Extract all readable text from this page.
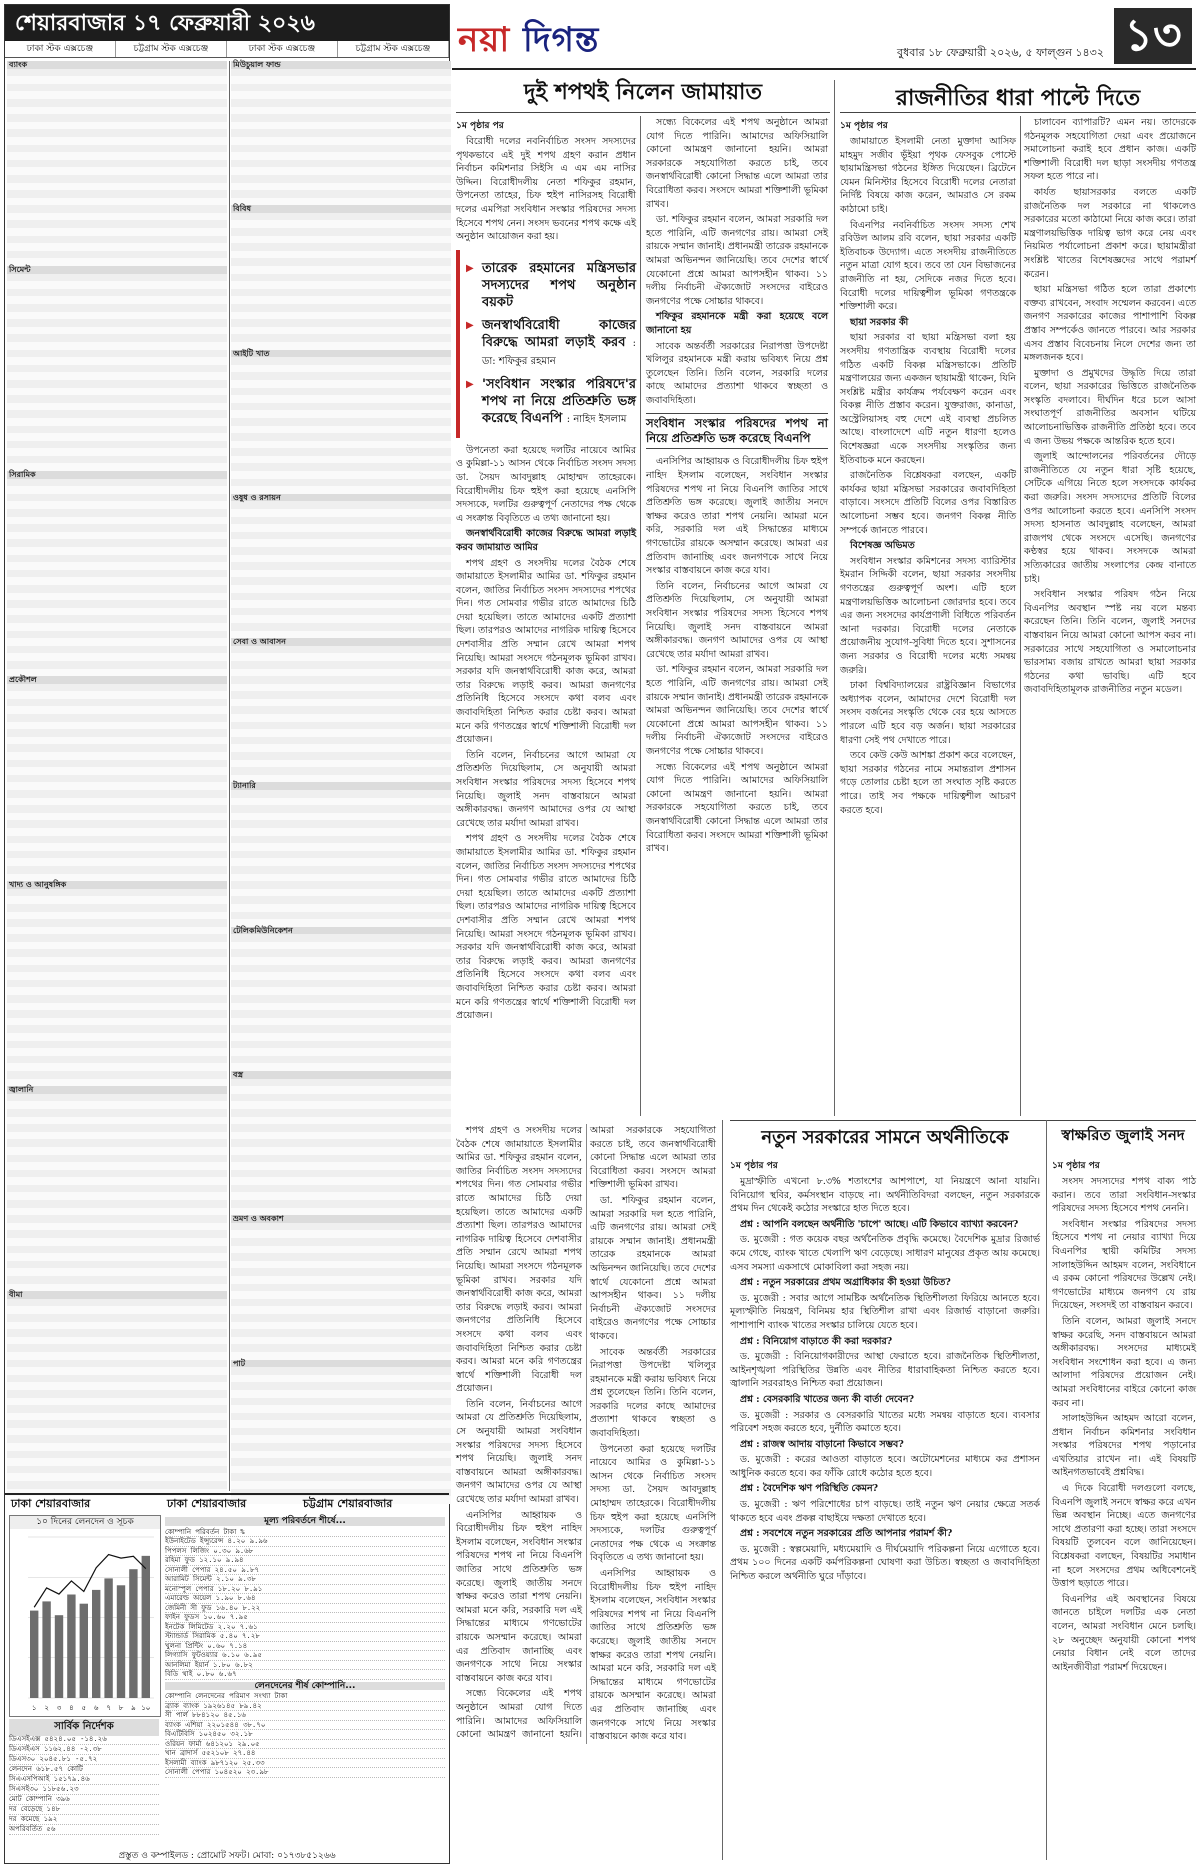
শেয়ারবাজার ১৭ ফেব্রুয়ারী ২০২৬
ঢাকা স্টক এক্সচেঞ্জ	চট্টগ্রাম স্টক এক্সচেঞ্জ	ঢাকা স্টক এক্সচেঞ্জ	চট্টগ্রাম স্টক এক্সচেঞ্জ
ব্যাংক

সিমেন্ট

সিরামিক

প্রকৌশল

খাদ্য ও আনুষঙ্গিক

জ্বালানি

বীমা

মিউচুয়াল ফান্ড

বিবিধ

আইটি খাত

ওষুধ ও রসায়ন

সেবা ও আবাসন

ট্যানারি

টেলিকমিউনিকেশন

বস্ত্র

ভ্রমণ ও অবকাশ

পাট

ঢাকা শেয়ারবাজার	ঢাকা শেয়ারবাজার	চট্টগ্রাম শেয়ারবাজার
১০ দিনের লেনদেন ও সূচক
১ ২ ৩ ৪ ৫ ৬ ৭ ৮ ৯ ১০
সার্বিক নির্দেশক
ডিএসইএক্স ৫৪২৪.০৫ -১৪.২৬
ডিএসইএস ১১৬২.৪৪ -২.৩৮
ডিএস৩০ ২০৪৫.৮১ -৫.৭২
লেনদেন ৬১৮.৫৭ কোটি
সিএএসপিআই ১৫১৭৯.৪৬
সিএসই৩০ ১১৮৫৬.২৩
মোট কোম্পানি ৩৯৬
দর বেড়েছে ১৪৮
দর কমেছে ১৯২
অপরিবর্তিত ৫৬
মূল্য পরিবর্তনে শীর্ষে...
কোম্পানি পরিবর্তন টাকা %
ইউনাইটেড ইন্স্যুরেন্স ৪.২০ ৯.৯৬
পিপলস লিজিং ০.৩০ ৯.৬৮
রহিমা ফুড ১২.১০ ৯.৯৪
সোনালী পেপার ২৪.৫০ ৯.৮৭
আরামিট সিমেন্ট ২.১০ ৯.৩৮
মনোস্পুল পেপার ১৮.২০ ৮.৯১
এমারেল্ড অয়েল ১.৯০ ৮.৬৪
জেমিনী সী ফুড ১৬.৪০ ৮.২২
ফাইন ফুডস ১০.৬০ ৭.৯৫
ইনটেক লিমিটেড ২.২০ ৭.৬১
স্ট্যান্ডার্ড সিরামিক ৫.৪০ ৭.২৮
খুলনা প্রিন্টিং ০.৬০ ৭.১৪
লিগ্যাসি ফুটওয়্যার ৬.১০ ৬.৯৫
আনলিমা ইয়ার্ন ১.৮০ ৬.৮২
বিডি থাই ০.৮০ ৬.৬৭
লেনদেনের শীর্ষ কোম্পানি...
কোম্পানি লেনদেনের পরিমাণ সংখ্যা টাকা
ব্র্যাক ব্যাংক ১৯২৬১৪৫ ৮৯.৪২
সী পার্ল ৮৮৪১২০ ৪৫.১৬
ব্যাংক এশিয়া ২২০১৫৪৪ ৩৮.৭০
বিএটিবিসি ১০২৪৫০ ৩২.১৮
ওরিয়ন ফার্মা ৬৪১২০১ ২৯.০৫
খান ব্রাদার্স ৫৫২১০৮ ২৭.৪৪
ইসলামী ব্যাংক ৯৮৭১২০ ২৫.৩৩
সোনালী পেপার ১০৪৫২০ ২৩.৯৮
প্রস্তুত ও কম্পাইলড : প্রোমোট সফট। মোবা: ০১৭৩৮৫১২৬৬
নয়া দিগন্ত	বুধবার ১৮ ফেব্রুয়ারী ২০২৬, ৫ ফাল্গুন ১৪৩২ ১৩
দুই শপথই নিলেন জামায়াত
১ম পৃষ্ঠার পর

বিরোধী দলের নবনির্বাচিত সংসদ সদস্যদের পৃথকভাবে এই দুই শপথ গ্রহণ করান প্রধান নির্বাচন কমিশনার সিইসি এ এম এম নাসির উদ্দিন। বিরোধীদলীয় নেতা শফিকুর রহমান, উপনেতা তাহের, চিফ হুইপ নাসিরসহ বিরোধী দলের এমপিরা সংবিধান সংস্কার পরিষদের সদস্য হিসেবে শপথ নেন। সংসদ ভবনের শপথ কক্ষে এই অনুষ্ঠান আয়োজন করা হয়।

▶ তারেক রহমানের মন্ত্রিসভার সদস্যদের শপথ অনুষ্ঠান বয়কট
▶ জনস্বার্থবিরোধী কাজের বিরুদ্ধে আমরা লড়াই করব : ডা: শফিকুর রহমান
▶ 'সংবিধান সংস্কার পরিষদে'র শপথ না নিয়ে প্রতিশ্রুতি ভঙ্গ করেছে বিএনপি : নাহিদ ইসলাম

উপনেতা করা হয়েছে দলটির নায়েবে আমির ও কুমিল্লা-১১ আসন থেকে নির্বাচিত সংসদ সদস্য ডা. সৈয়দ আবদুল্লাহ মোহাম্মদ তাহেরকে। বিরোধীদলীয় চিফ হুইপ করা হয়েছে এনসিপি সদস্যকে, দলটির গুরুত্বপূর্ণ নেতাদের পক্ষ থেকে এ সংক্রান্ত বিবৃতিতে এ তথ্য জানানো হয়।

জনস্বার্থবিরোধী কাজের বিরুদ্ধে আমরা লড়াই করব জামায়াত আমির

শপথ গ্রহণ ও সংসদীয় দলের বৈঠক শেষে জামায়াতে ইসলামীর আমির ডা. শফিকুর রহমান বলেন, জাতির নির্বাচিত সংসদ সদস্যদের শপথের দিন। গত সোমবার গভীর রাতে আমাদের চিঠি দেয়া হয়েছিল। তাতে আমাদের একটি প্রত্যাশা ছিল। তারপরও আমাদের নাগরিক দায়িত্ব হিসেবে দেশবাসীর প্রতি সম্মান রেখে আমরা শপথ নিয়েছি। আমরা সংসদে গঠনমূলক ভূমিকা রাখব। সরকার যদি জনস্বার্থবিরোধী কাজ করে, আমরা তার বিরুদ্ধে লড়াই করব। আমরা জনগণের প্রতিনিধি হিসেবে সংসদে কথা বলব এবং জবাবদিহিতা নিশ্চিত করার চেষ্টা করব। আমরা মনে করি গণতন্ত্রের স্বার্থে শক্তিশালী বিরোধী দল প্রয়োজন।

তিনি বলেন, নির্বাচনের আগে আমরা যে প্রতিশ্রুতি দিয়েছিলাম, সে অনুযায়ী আমরা সংবিধান সংস্কার পরিষদের সদস্য হিসেবে শপথ নিয়েছি। জুলাই সনদ বাস্তবায়নে আমরা অঙ্গীকারবদ্ধ। জনগণ আমাদের ওপর যে আস্থা রেখেছে তার মর্যাদা আমরা রাখব।

শপথ গ্রহণ ও সংসদীয় দলের বৈঠক শেষে জামায়াতে ইসলামীর আমির ডা. শফিকুর রহমান বলেন, জাতির নির্বাচিত সংসদ সদস্যদের শপথের দিন। গত সোমবার গভীর রাতে আমাদের চিঠি দেয়া হয়েছিল। তাতে আমাদের একটি প্রত্যাশা ছিল। তারপরও আমাদের নাগরিক দায়িত্ব হিসেবে দেশবাসীর প্রতি সম্মান রেখে আমরা শপথ নিয়েছি। আমরা সংসদে গঠনমূলক ভূমিকা রাখব। সরকার যদি জনস্বার্থবিরোধী কাজ করে, আমরা তার বিরুদ্ধে লড়াই করব। আমরা জনগণের প্রতিনিধি হিসেবে সংসদে কথা বলব এবং জবাবদিহিতা নিশ্চিত করার চেষ্টা করব। আমরা মনে করি গণতন্ত্রের স্বার্থে শক্তিশালী বিরোধী দল প্রয়োজন।

সন্ধ্যে বিকেলের এই শপথ অনুষ্ঠানে আমরা যোগ দিতে পারিনি। আমাদের অফিসিয়ালি কোনো আমন্ত্রণ জানানো হয়নি। আমরা সরকারকে সহযোগিতা করতে চাই, তবে জনস্বার্থবিরোধী কোনো সিদ্ধান্ত এলে আমরা তার বিরোধিতা করব। সংসদে আমরা শক্তিশালী ভূমিকা রাখব।

ডা. শফিকুর রহমান বলেন, আমরা সরকারি দল হতে পারিনি, এটি জনগণের রায়। আমরা সেই রায়কে সম্মান জানাই। প্রধানমন্ত্রী তারেক রহমানকে আমরা অভিনন্দন জানিয়েছি। তবে দেশের স্বার্থে যেকোনো প্রশ্নে আমরা আপসহীন থাকব। ১১ দলীয় নির্বাচনী ঐক্যজোট সংসদের বাইরেও জনগণের পক্ষে সোচ্চার থাকবে।

শফিকুর রহমানকে মন্ত্রী করা হয়েছে বলে জানানো হয়

সাবেক অন্তর্বর্তী সরকারের নিরাপত্তা উপদেষ্টা খলিলুর রহমানকে মন্ত্রী করায় ভবিষ্যৎ নিয়ে প্রশ্ন তুলেছেন তিনি। তিনি বলেন, সরকারি দলের কাছে আমাদের প্রত্যাশা থাকবে স্বচ্ছতা ও জবাবদিহিতা।

সংবিধান সংস্কার পরিষদের শপথ না নিয়ে প্রতিশ্রুতি ভঙ্গ করেছে বিএনপি

এনসিপির আহ্বায়ক ও বিরোধীদলীয় চিফ হুইপ নাহিদ ইসলাম বলেছেন, সংবিধান সংস্কার পরিষদের শপথ না নিয়ে বিএনপি জাতির সাথে প্রতিশ্রুতি ভঙ্গ করেছে। জুলাই জাতীয় সনদে স্বাক্ষর করেও তারা শপথ নেয়নি। আমরা মনে করি, সরকারি দল এই সিদ্ধান্তের মাধ্যমে গণভোটের রায়কে অসম্মান করেছে। আমরা এর প্রতিবাদ জানাচ্ছি এবং জনগণকে সাথে নিয়ে সংস্কার বাস্তবায়নে কাজ করে যাব।

তিনি বলেন, নির্বাচনের আগে আমরা যে প্রতিশ্রুতি দিয়েছিলাম, সে অনুযায়ী আমরা সংবিধান সংস্কার পরিষদের সদস্য হিসেবে শপথ নিয়েছি। জুলাই সনদ বাস্তবায়নে আমরা অঙ্গীকারবদ্ধ। জনগণ আমাদের ওপর যে আস্থা রেখেছে তার মর্যাদা আমরা রাখব।

ডা. শফিকুর রহমান বলেন, আমরা সরকারি দল হতে পারিনি, এটি জনগণের রায়। আমরা সেই রায়কে সম্মান জানাই। প্রধানমন্ত্রী তারেক রহমানকে আমরা অভিনন্দন জানিয়েছি। তবে দেশের স্বার্থে যেকোনো প্রশ্নে আমরা আপসহীন থাকব। ১১ দলীয় নির্বাচনী ঐক্যজোট সংসদের বাইরেও জনগণের পক্ষে সোচ্চার থাকবে।

সন্ধ্যে বিকেলের এই শপথ অনুষ্ঠানে আমরা যোগ দিতে পারিনি। আমাদের অফিসিয়ালি কোনো আমন্ত্রণ জানানো হয়নি। আমরা সরকারকে সহযোগিতা করতে চাই, তবে জনস্বার্থবিরোধী কোনো সিদ্ধান্ত এলে আমরা তার বিরোধিতা করব। সংসদে আমরা শক্তিশালী ভূমিকা রাখব।

রাজনীতির ধারা পাল্টে দিতে
১ম পৃষ্ঠার পর

জামায়াতে ইসলামী নেতা মুক্তাদা আসিফ মাহমুদ সজীব ভূঁইয়া পৃথক ফেসবুক পোস্টে ছায়ামন্ত্রিসভা গঠনের ইঙ্গিত দিয়েছেন। ব্রিটেনে যেমন মিনিস্টার হিসেবে বিরোধী দলের নেতারা নির্দিষ্ট বিষয়ে কাজ করেন, আমরাও সে রকম কাঠামো চাই।

বিএনপির নবনির্বাচিত সংসদ সদস্য শেখ রবিউল আলম রবি বলেন, ছায়া সরকার একটি ইতিবাচক উদ্যোগ। এতে সংসদীয় রাজনীতিতে নতুন মাত্রা যোগ হবে। তবে তা যেন বিভাজনের রাজনীতি না হয়, সেদিকে নজর দিতে হবে। বিরোধী দলের দায়িত্বশীল ভূমিকা গণতন্ত্রকে শক্তিশালী করে।

ছায়া সরকার কী

ছায়া সরকার বা ছায়া মন্ত্রিসভা বলা হয় সংসদীয় গণতান্ত্রিক ব্যবস্থায় বিরোধী দলের গঠিত একটি বিকল্প মন্ত্রিসভাকে। প্রতিটি মন্ত্রণালয়ের জন্য একজন ছায়ামন্ত্রী থাকেন, যিনি সংশ্লিষ্ট মন্ত্রীর কার্যক্রম পর্যবেক্ষণ করেন এবং বিকল্প নীতি প্রস্তাব করেন। যুক্তরাজ্য, কানাডা, অস্ট্রেলিয়াসহ বহু দেশে এই ব্যবস্থা প্রচলিত আছে। বাংলাদেশে এটি নতুন ধারণা হলেও বিশেষজ্ঞরা একে সংসদীয় সংস্কৃতির জন্য ইতিবাচক মনে করছেন।

রাজনৈতিক বিশ্লেষকরা বলছেন, একটি কার্যকর ছায়া মন্ত্রিসভা সরকারের জবাবদিহিতা বাড়াবে। সংসদে প্রতিটি বিলের ওপর বিস্তারিত আলোচনা সম্ভব হবে। জনগণ বিকল্প নীতি সম্পর্কে জানতে পারবে।

বিশেষজ্ঞ অভিমত

সংবিধান সংস্কার কমিশনের সদস্য ব্যারিস্টার ইমরান সিদ্দিকী বলেন, ছায়া সরকার সংসদীয় গণতন্ত্রের গুরুত্বপূর্ণ অংশ। এটি হলে মন্ত্রণালয়ভিত্তিক আলোচনা জোরদার হবে। তবে এর জন্য সংসদের কার্যপ্রণালী বিধিতে পরিবর্তন আনা দরকার। বিরোধী দলের নেতাকে প্রয়োজনীয় সুযোগ-সুবিধা দিতে হবে। সুশাসনের জন্য সরকার ও বিরোধী দলের মধ্যে সমন্বয় জরুরি।

ঢাকা বিশ্ববিদ্যালয়ের রাষ্ট্রবিজ্ঞান বিভাগের অধ্যাপক বলেন, আমাদের দেশে বিরোধী দল সংসদ বর্জনের সংস্কৃতি থেকে বের হয়ে আসতে পারলে এটি হবে বড় অর্জন। ছায়া সরকারের ধারণা সেই পথ দেখাতে পারে।

তবে কেউ কেউ আশঙ্কা প্রকাশ করে বলেছেন, ছায়া সরকার গঠনের নামে সমান্তরাল প্রশাসন গড়ে তোলার চেষ্টা হলে তা সংঘাত সৃষ্টি করতে পারে। তাই সব পক্ষকে দায়িত্বশীল আচরণ করতে হবে।

চালাবেন ব্যাপারটি? এমন নয়। তাদেরকে গঠনমূলক সহযোগিতা দেয়া এবং প্রয়োজনে সমালোচনা করাই হবে প্রধান কাজ। একটি শক্তিশালী বিরোধী দল ছাড়া সংসদীয় গণতন্ত্র সফল হতে পারে না।

কার্যত ছায়াসরকার বলতে একটি রাজনৈতিক দল সরকারে না থাকলেও সরকারের মতো কাঠামো নিয়ে কাজ করে। তারা মন্ত্রণালয়ভিত্তিক দায়িত্ব ভাগ করে নেয় এবং নিয়মিত পর্যালোচনা প্রকাশ করে। ছায়ামন্ত্রীরা সংশ্লিষ্ট খাতের বিশেষজ্ঞদের সাথে পরামর্শ করেন।

ছায়া মন্ত্রিসভা গঠিত হলে তারা প্রকাশ্যে বক্তব্য রাখবেন, সংবাদ সম্মেলন করবেন। এতে জনগণ সরকারের কাজের পাশাপাশি বিকল্প প্রস্তাব সম্পর্কেও জানতে পারবে। আর সরকার এসব প্রস্তাব বিবেচনায় নিলে দেশের জন্য তা মঙ্গলজনক হবে।

মুক্তাদা ও প্রমুখদের উদ্ধৃতি দিয়ে তারা বলেন, ছায়া সরকারের ভিত্তিতে রাজনৈতিক সংস্কৃতি বদলাবে। দীর্ঘদিন ধরে চলে আসা সংঘাতপূর্ণ রাজনীতির অবসান ঘটিয়ে আলোচনাভিত্তিক রাজনীতি প্রতিষ্ঠা হবে। তবে এ জন্য উভয় পক্ষকে আন্তরিক হতে হবে।

জুলাই আন্দোলনের পরিবর্তনের দৌড়ে রাজনীতিতে যে নতুন ধারা সৃষ্টি হয়েছে, সেটিকে এগিয়ে নিতে হলে সংসদকে কার্যকর করা জরুরি। সংসদ সদস্যদের প্রতিটি বিলের ওপর আলোচনা করতে হবে। এনসিপি সংসদ সদস্য হাসনাত আবদুল্লাহ বলেছেন, আমরা রাজপথ থেকে সংসদে এসেছি। জনগণের কণ্ঠস্বর হয়ে থাকব। সংসদকে আমরা সত্যিকারের জাতীয় সংলাপের কেন্দ্র বানাতে চাই।

সংবিধান সংস্কার পরিষদ গঠন নিয়ে বিএনপির অবস্থান স্পষ্ট নয় বলে মন্তব্য করেছেন তিনি। তিনি বলেন, জুলাই সনদের বাস্তবায়ন নিয়ে আমরা কোনো আপস করব না। সরকারের সাথে সহযোগিতা ও সমালোচনার ভারসাম্য বজায় রাখতে আমরা ছায়া সরকার গঠনের কথা ভাবছি। এটি হবে জবাবদিহিতামূলক রাজনীতির নতুন মডেল।

নতুন সরকারের সামনে অর্থনীতিকে
১ম পৃষ্ঠার পর

মুদ্রাস্ফীতি এখনো ৮.৩% শতাংশের আশপাশে, যা নিয়ন্ত্রণে আনা যায়নি। বিনিয়োগ স্থবির, কর্মসংস্থান বাড়ছে না। অর্থনীতিবিদরা বলছেন, নতুন সরকারকে প্রথম দিন থেকেই কঠোর সংস্কারে হাত দিতে হবে।

প্রশ্ন : আপনি বলছেন অর্থনীতি 'চাপে' আছে। এটি কিভাবে ব্যাখ্যা করবেন?

ড. মুজেরী : গত কয়েক বছর অর্থনৈতিক প্রবৃদ্ধি কমেছে। বৈদেশিক মুদ্রার রিজার্ভ কমে গেছে, ব্যাংক খাতে খেলাপি ঋণ বেড়েছে। সাধারণ মানুষের প্রকৃত আয় কমেছে। এসব সমস্যা একসাথে মোকাবিলা করা সহজ নয়।

প্রশ্ন : নতুন সরকারের প্রথম অগ্রাধিকার কী হওয়া উচিত?

ড. মুজেরী : সবার আগে সামষ্টিক অর্থনৈতিক স্থিতিশীলতা ফিরিয়ে আনতে হবে। মূল্যস্ফীতি নিয়ন্ত্রণ, বিনিময় হার স্থিতিশীল রাখা এবং রিজার্ভ বাড়ানো জরুরি। পাশাপাশি ব্যাংক খাতের সংস্কার চালিয়ে যেতে হবে।

প্রশ্ন : বিনিয়োগ বাড়াতে কী করা দরকার?

ড. মুজেরী : বিনিয়োগকারীদের আস্থা ফেরাতে হবে। রাজনৈতিক স্থিতিশীলতা, আইনশৃঙ্খলা পরিস্থিতির উন্নতি এবং নীতির ধারাবাহিকতা নিশ্চিত করতে হবে। জ্বালানি সরবরাহও নিশ্চিত করা প্রয়োজন।

প্রশ্ন : বেসরকারি খাতের জন্য কী বার্তা দেবেন?

ড. মুজেরী : সরকার ও বেসরকারি খাতের মধ্যে সমন্বয় বাড়াতে হবে। ব্যবসার পরিবেশ সহজ করতে হবে, দুর্নীতি কমাতে হবে।

প্রশ্ন : রাজস্ব আদায় বাড়ানো কিভাবে সম্ভব?

ড. মুজেরী : করের আওতা বাড়াতে হবে। অটোমেশনের মাধ্যমে কর প্রশাসন আধুনিক করতে হবে। কর ফাঁকি রোধে কঠোর হতে হবে।

প্রশ্ন : বৈদেশিক ঋণ পরিস্থিতি কেমন?

ড. মুজেরী : ঋণ পরিশোধের চাপ বাড়ছে। তাই নতুন ঋণ নেয়ার ক্ষেত্রে সতর্ক থাকতে হবে এবং প্রকল্প বাছাইয়ে দক্ষতা দেখাতে হবে।

প্রশ্ন : সবশেষে নতুন সরকারের প্রতি আপনার পরামর্শ কী?

ড. মুজেরী : স্বল্পমেয়াদি, মধ্যমেয়াদি ও দীর্ঘমেয়াদি পরিকল্পনা নিয়ে এগোতে হবে। প্রথম ১০০ দিনের একটি কর্মপরিকল্পনা ঘোষণা করা উচিত। স্বচ্ছতা ও জবাবদিহিতা নিশ্চিত করলে অর্থনীতি ঘুরে দাঁড়াবে।

স্বাক্ষরিত জুলাই সনদ
১ম পৃষ্ঠার পর

সংসদ সদস্যদের শপথ বাক্য পাঠ করান। তবে তারা সংবিধান-সংস্কার পরিষদের সদস্য হিসেবে শপথ নেননি।

সংবিধান সংস্কার পরিষদের সদস্য হিসেবে শপথ না নেয়ার ব্যাখ্যা দিয়ে বিএনপির স্থায়ী কমিটির সদস্য সালাহউদ্দিন আহমদ বলেন, সংবিধানে এ রকম কোনো পরিষদের উল্লেখ নেই। গণভোটের মাধ্যমে জনগণ যে রায় দিয়েছেন, সংসদই তা বাস্তবায়ন করবে।

তিনি বলেন, আমরা জুলাই সনদে স্বাক্ষর করেছি, সনদ বাস্তবায়নে আমরা অঙ্গীকারবদ্ধ। সংসদের মাধ্যমেই সংবিধান সংশোধন করা হবে। এ জন্য আলাদা পরিষদের প্রয়োজন নেই। আমরা সংবিধানের বাইরে কোনো কাজ করব না।

সালাহউদ্দিন আহমদ আরো বলেন, প্রধান নির্বাচন কমিশনার সংবিধান সংস্কার পরিষদের শপথ পড়ানোর এখতিয়ার রাখেন না। এই বিষয়টি আইনগতভাবেই প্রশ্নবিদ্ধ।

এ দিকে বিরোধী দলগুলো বলছে, বিএনপি জুলাই সনদে স্বাক্ষর করে এখন ভিন্ন অবস্থান নিচ্ছে। এতে জনগণের সাথে প্রতারণা করা হচ্ছে। তারা সংসদে বিষয়টি তুলবেন বলে জানিয়েছেন। বিশ্লেষকরা বলছেন, বিষয়টির সমাধান না হলে সংসদের প্রথম অধিবেশনেই উত্তাপ ছড়াতে পারে।

বিএনপির এই অবস্থানের বিষয়ে জানতে চাইলে দলটির এক নেতা বলেন, আমরা সংবিধান মেনে চলছি। ২৮ অনুচ্ছেদ অনুযায়ী কোনো শপথ নেয়ার বিধান নেই বলে তাদের আইনজীবীরা পরামর্শ দিয়েছেন।

শপথ গ্রহণ ও সংসদীয় দলের বৈঠক শেষে জামায়াতে ইসলামীর আমির ডা. শফিকুর রহমান বলেন, জাতির নির্বাচিত সংসদ সদস্যদের শপথের দিন। গত সোমবার গভীর রাতে আমাদের চিঠি দেয়া হয়েছিল। তাতে আমাদের একটি প্রত্যাশা ছিল। তারপরও আমাদের নাগরিক দায়িত্ব হিসেবে দেশবাসীর প্রতি সম্মান রেখে আমরা শপথ নিয়েছি। আমরা সংসদে গঠনমূলক ভূমিকা রাখব। সরকার যদি জনস্বার্থবিরোধী কাজ করে, আমরা তার বিরুদ্ধে লড়াই করব। আমরা জনগণের প্রতিনিধি হিসেবে সংসদে কথা বলব এবং জবাবদিহিতা নিশ্চিত করার চেষ্টা করব। আমরা মনে করি গণতন্ত্রের স্বার্থে শক্তিশালী বিরোধী দল প্রয়োজন।

তিনি বলেন, নির্বাচনের আগে আমরা যে প্রতিশ্রুতি দিয়েছিলাম, সে অনুযায়ী আমরা সংবিধান সংস্কার পরিষদের সদস্য হিসেবে শপথ নিয়েছি। জুলাই সনদ বাস্তবায়নে আমরা অঙ্গীকারবদ্ধ। জনগণ আমাদের ওপর যে আস্থা রেখেছে তার মর্যাদা আমরা রাখব।

এনসিপির আহ্বায়ক ও বিরোধীদলীয় চিফ হুইপ নাহিদ ইসলাম বলেছেন, সংবিধান সংস্কার পরিষদের শপথ না নিয়ে বিএনপি জাতির সাথে প্রতিশ্রুতি ভঙ্গ করেছে। জুলাই জাতীয় সনদে স্বাক্ষর করেও তারা শপথ নেয়নি। আমরা মনে করি, সরকারি দল এই সিদ্ধান্তের মাধ্যমে গণভোটের রায়কে অসম্মান করেছে। আমরা এর প্রতিবাদ জানাচ্ছি এবং জনগণকে সাথে নিয়ে সংস্কার বাস্তবায়নে কাজ করে যাব।

সন্ধ্যে বিকেলের এই শপথ অনুষ্ঠানে আমরা যোগ দিতে পারিনি। আমাদের অফিসিয়ালি কোনো আমন্ত্রণ জানানো হয়নি। আমরা সরকারকে সহযোগিতা করতে চাই, তবে জনস্বার্থবিরোধী কোনো সিদ্ধান্ত এলে আমরা তার বিরোধিতা করব। সংসদে আমরা শক্তিশালী ভূমিকা রাখব।

ডা. শফিকুর রহমান বলেন, আমরা সরকারি দল হতে পারিনি, এটি জনগণের রায়। আমরা সেই রায়কে সম্মান জানাই। প্রধানমন্ত্রী তারেক রহমানকে আমরা অভিনন্দন জানিয়েছি। তবে দেশের স্বার্থে যেকোনো প্রশ্নে আমরা আপসহীন থাকব। ১১ দলীয় নির্বাচনী ঐক্যজোট সংসদের বাইরেও জনগণের পক্ষে সোচ্চার থাকবে।

সাবেক অন্তর্বর্তী সরকারের নিরাপত্তা উপদেষ্টা খলিলুর রহমানকে মন্ত্রী করায় ভবিষ্যৎ নিয়ে প্রশ্ন তুলেছেন তিনি। তিনি বলেন, সরকারি দলের কাছে আমাদের প্রত্যাশা থাকবে স্বচ্ছতা ও জবাবদিহিতা।

উপনেতা করা হয়েছে দলটির নায়েবে আমির ও কুমিল্লা-১১ আসন থেকে নির্বাচিত সংসদ সদস্য ডা. সৈয়দ আবদুল্লাহ মোহাম্মদ তাহেরকে। বিরোধীদলীয় চিফ হুইপ করা হয়েছে এনসিপি সদস্যকে, দলটির গুরুত্বপূর্ণ নেতাদের পক্ষ থেকে এ সংক্রান্ত বিবৃতিতে এ তথ্য জানানো হয়।

এনসিপির আহ্বায়ক ও বিরোধীদলীয় চিফ হুইপ নাহিদ ইসলাম বলেছেন, সংবিধান সংস্কার পরিষদের শপথ না নিয়ে বিএনপি জাতির সাথে প্রতিশ্রুতি ভঙ্গ করেছে। জুলাই জাতীয় সনদে স্বাক্ষর করেও তারা শপথ নেয়নি। আমরা মনে করি, সরকারি দল এই সিদ্ধান্তের মাধ্যমে গণভোটের রায়কে অসম্মান করেছে। আমরা এর প্রতিবাদ জানাচ্ছি এবং জনগণকে সাথে নিয়ে সংস্কার বাস্তবায়নে কাজ করে যাব।
